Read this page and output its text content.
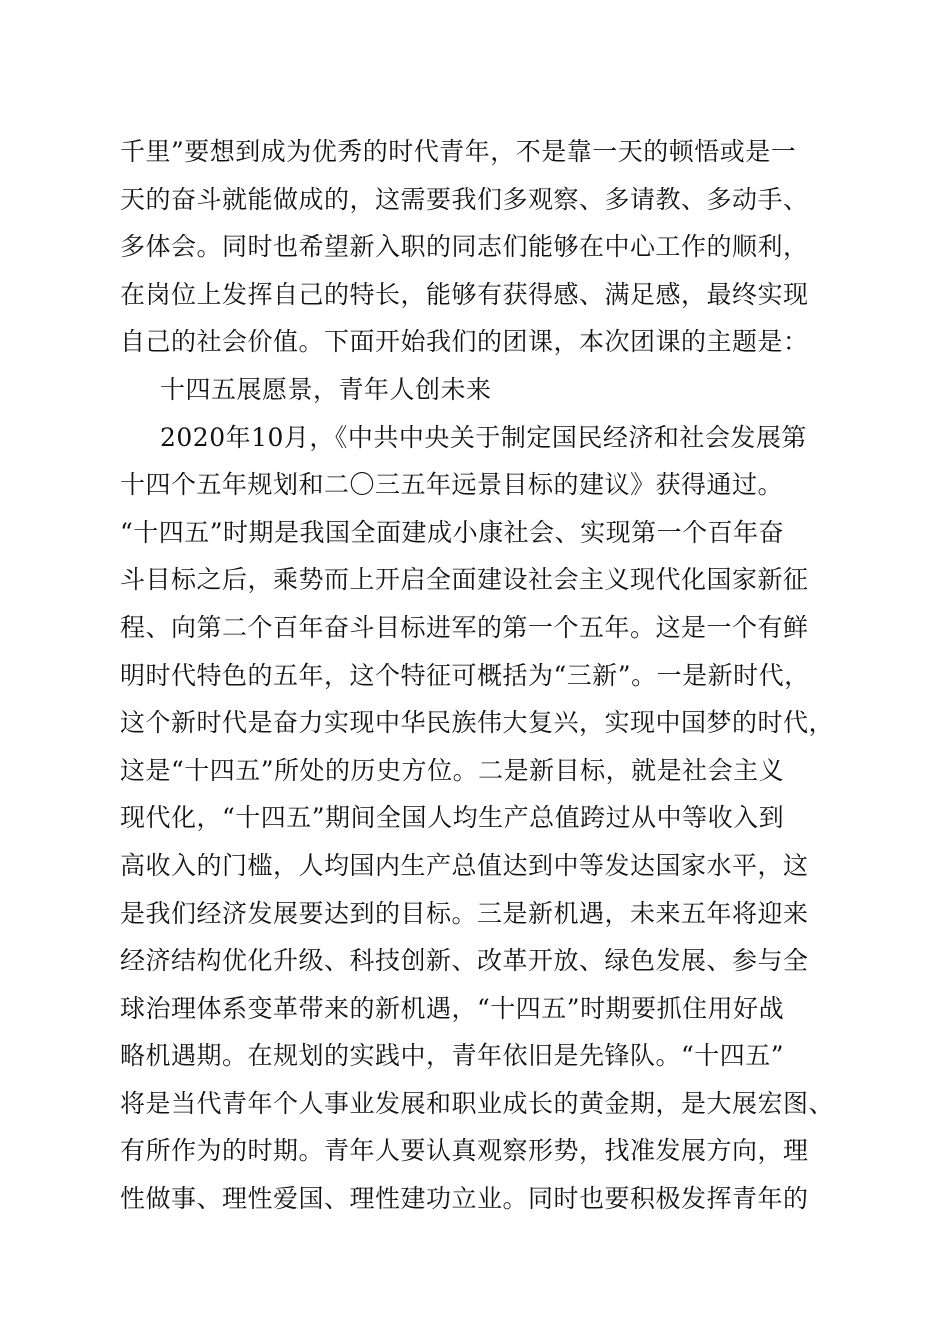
千里”要想到成为优秀的时代青年，不是靠一天的顿悟或是一
天的奋斗就能做成的，这需要我们多观察、多请教、多动手、
多体会。同时也希望新入职的同志们能够在中心工作的顺利，
在岗位上发挥自己的特长，能够有获得感、满足感，最终实现
自己的社会价值。下面开始我们的团课，本次团课的主题是：
十四五展愿景，青年人创未来
2020年10月，《中共中央关于制定国民经济和社会发展第
十四个五年规划和二〇三五年远景目标的建议》获得通过。
“十四五”时期是我国全面建成小康社会、实现第一个百年奋
斗目标之后，乘势而上开启全面建设社会主义现代化国家新征
程、向第二个百年奋斗目标进军的第一个五年。这是一个有鲜
明时代特色的五年，这个特征可概括为“三新”。一是新时代，
这个新时代是奋力实现中华民族伟大复兴，实现中国梦的时代，
这是“十四五”所处的历史方位。二是新目标，就是社会主义
现代化，“十四五”期间全国人均生产总值跨过从中等收入到
高收入的门槛，人均国内生产总值达到中等发达国家水平，这
是我们经济发展要达到的目标。三是新机遇，未来五年将迎来
经济结构优化升级、科技创新、改革开放、绿色发展、参与全
球治理体系变革带来的新机遇，“十四五”时期要抓住用好战
略机遇期。在规划的实践中，青年依旧是先锋队。“十四五”
将是当代青年个人事业发展和职业成长的黄金期，是大展宏图、
有所作为的时期。青年人要认真观察形势，找准发展方向，理
性做事、理性爱国、理性建功立业。同时也要积极发挥青年的
